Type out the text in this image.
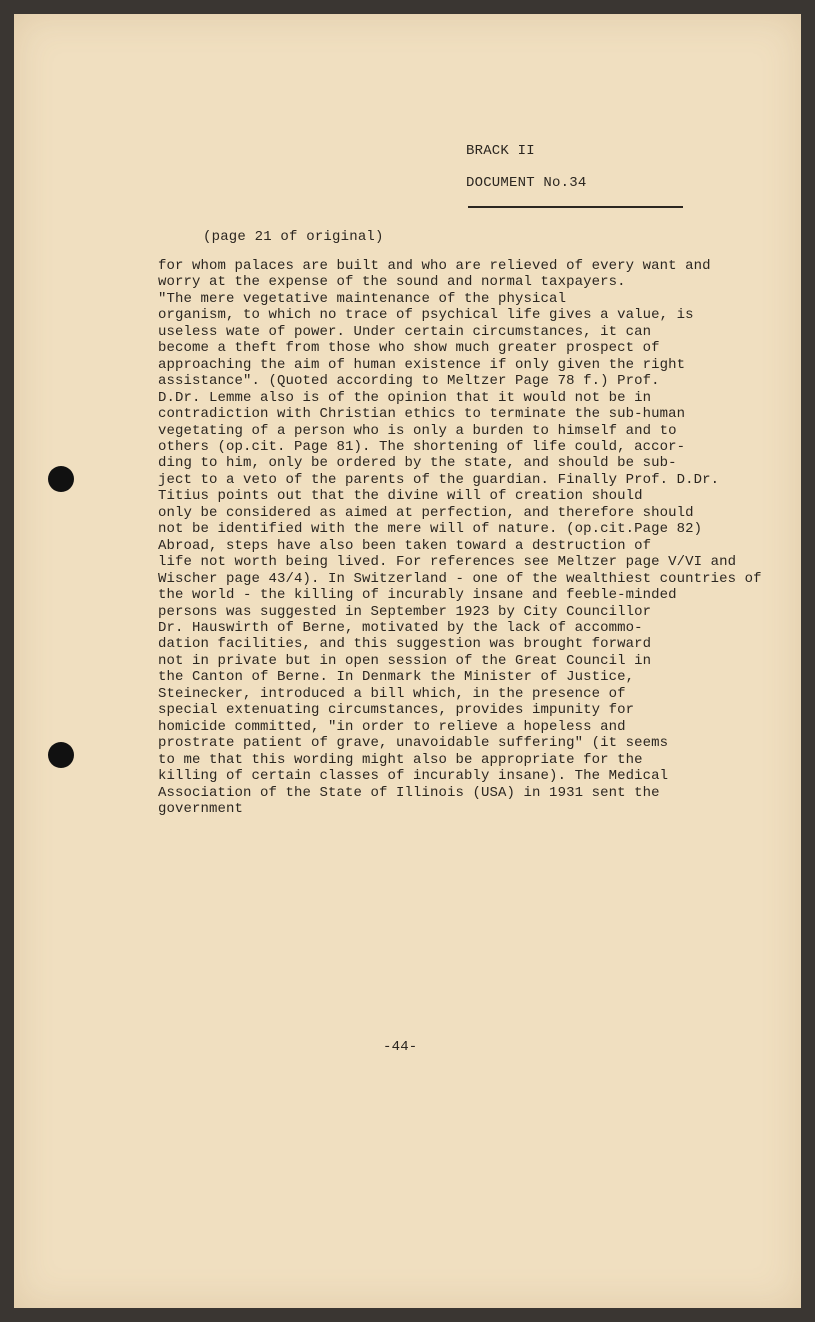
BRACK II
DOCUMENT No.34
(page 21 of original)
for whom palaces are built and who are relieved of every want and
worry at the expense of the sound and normal taxpayers.
"The mere vegetative maintenance of the physical
organism, to which no trace of psychical life gives a value, is
useless wate of power. Under certain circumstances, it can
become a theft from those who show much greater prospect of
approaching the aim of human existence if only given the right
assistance". (Quoted according to Meltzer Page 78 f.) Prof.
D.Dr. Lemme also is of the opinion that it would not be in
contradiction with Christian ethics to terminate the sub-human
vegetating of a person who is only a burden to himself and to
others (op.cit. Page 81). The shortening of life could, accor-
ding to him, only be ordered by the state, and should be sub-
ject to a veto of the parents of the guardian. Finally Prof. D.Dr.
Titius points out that the divine will of creation should
only be considered as aimed at perfection, and therefore should
not be identified with the mere will of nature. (op.cit.Page 82)
Abroad, steps have also been taken toward a destruction of
life not worth being lived. For references see Meltzer page V/VI and
Wischer page 43/4). In Switzerland - one of the wealthiest countries of
the world - the killing of incurably insane and feeble-minded
persons was suggested in September 1923 by City Councillor
Dr. Hauswirth of Berne, motivated by the lack of accommo-
dation facilities, and this suggestion was brought forward
not in private but in open session of the Great Council in
the Canton of Berne. In Denmark the Minister of Justice,
Steinecker, introduced a bill which, in the presence of
special extenuating circumstances, provides impunity for
homicide committed, "in order to relieve a hopeless and
prostrate patient of grave, unavoidable suffering" (it seems
to me that this wording might also be appropriate for the
killing of certain classes of incurably insane). The Medical
Association of the State of Illinois (USA) in 1931 sent the
government
-44-
